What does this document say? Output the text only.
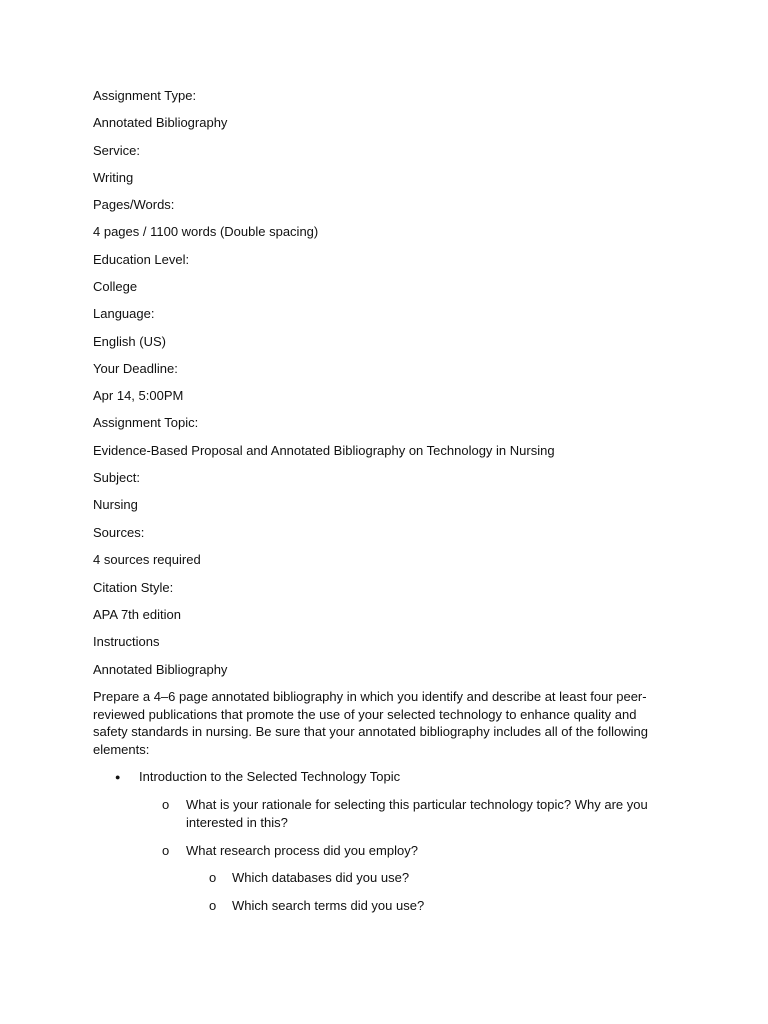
Assignment Type:
Annotated Bibliography
Service:
Writing
Pages/Words:
4 pages / 1100 words (Double spacing)
Education Level:
College
Language:
English (US)
Your Deadline:
Apr 14, 5:00PM
Assignment Topic:
Evidence-Based Proposal and Annotated Bibliography on Technology in Nursing
Subject:
Nursing
Sources:
4 sources required
Citation Style:
APA 7th edition
Instructions
Annotated Bibliography
Prepare a 4–6 page annotated bibliography in which you identify and describe at least four peer-reviewed publications that promote the use of your selected technology to enhance quality and safety standards in nursing. Be sure that your annotated bibliography includes all of the following elements:
● Introduction to the Selected Technology Topic
o What is your rationale for selecting this particular technology topic? Why are you interested in this?
o What research process did you employ?
o Which databases did you use?
o Which search terms did you use?
